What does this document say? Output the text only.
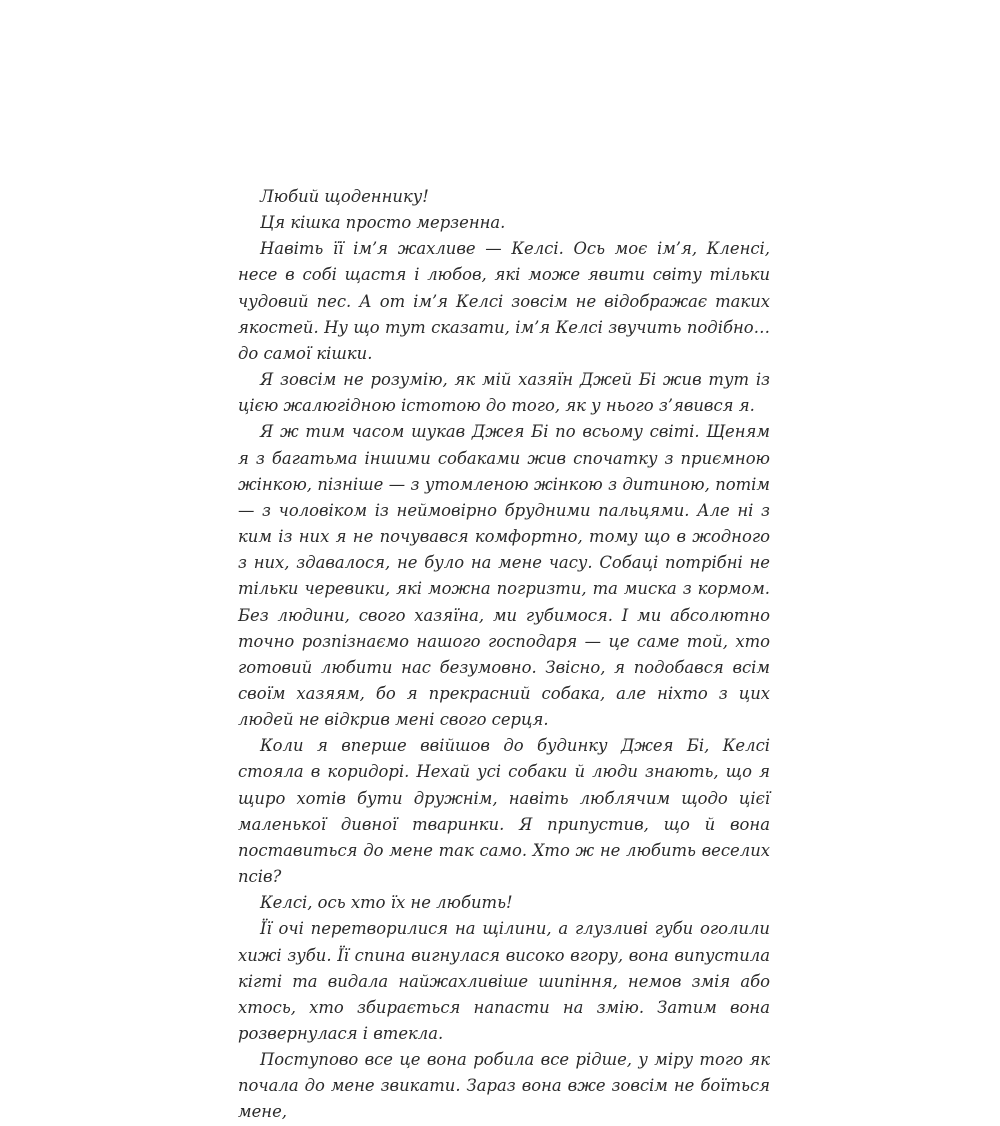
Любий щоденнику!

Ця кішка просто мерзенна.

Навіть її ім’я жахливе — Келсі. Ось моє ім’я, Кленсі, несе в собі щастя і любов, які може явити світу тільки чудовий пес. А от ім’я Келсі зовсім не відображає таких якостей. Ну що тут сказати, ім’я Келсі звучить подібно… до самої кішки.

Я зовсім не розумію, як мій хазяїн Джей Бі жив тут із цією жалюгідною істотою до того, як у нього з’явився я.

Я ж тим часом шукав Джея Бі по всьому світі. Щеням я з багатьма іншими собаками жив спочатку з приємною жінкою, пізніше — з утомленою жінкою з дитиною, потім — з чоловіком із неймовірно брудними пальцями. Але ні з ким із них я не почувався комфортно, тому що в жодного з них, здавалося, не було на мене часу. Собаці потрібні не тільки черевики, які можна погризти, та миска з кормом. Без людини, свого хазяїна, ми губимося. І ми абсолютно точно розпізнаємо нашого господаря — це саме той, хто готовий любити нас безумовно. Звісно, я подобався всім своїм хазяям, бо я прекрасний собака, але ніхто з цих людей не відкрив мені свого серця.

Коли я вперше ввійшов до будинку Джея Бі, Келсі стояла в коридорі. Нехай усі собаки й люди знають, що я щиро хотів бути дружнім, навіть люблячим щодо цієї маленької дивної тваринки. Я припустив, що й вона поставиться до мене так само. Хто ж не любить веселих псів?

Келсі, ось хто їх не любить!

Її очі перетворилися на щілини, а глузливі губи оголили хижі зуби. Її спина вигнулася високо вгору, вона випустила кігті та видала найжахливіше шипіння, немов змія або хтось, хто збирається напасти на змію. Затим вона розвернулася і втекла.

Поступово все це вона робила все рідше, у міру того як почала до мене звикати. Зараз вона вже зовсім не боїться мене,
